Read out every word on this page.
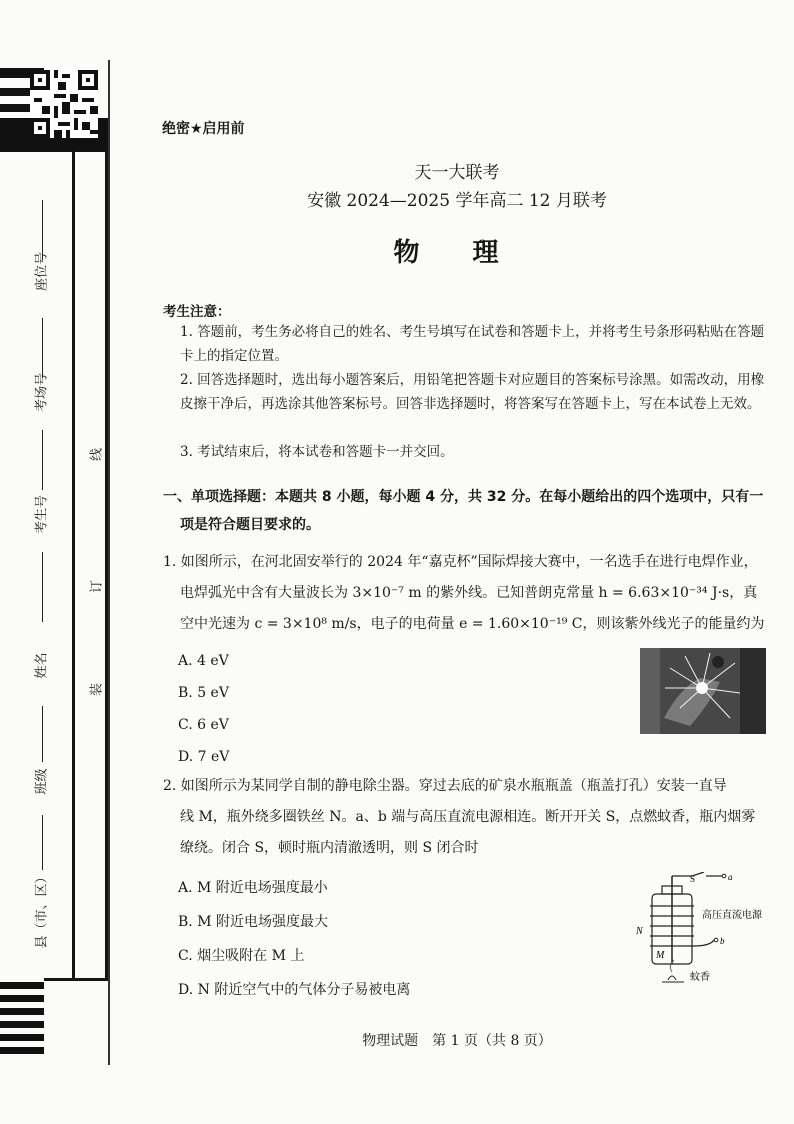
座位号
考场号
考生号
姓名
班级
县（市、区）
线
订
装
绝密★启用前
天一大联考
安徽 2024—2025 学年高二 12 月联考
物 理
考生注意：
1. 答题前，考生务必将自己的姓名、考生号填写在试卷和答题卡上，并将考生号条形码粘贴在答题卡上的指定位置。
2. 回答选择题时，选出每小题答案后，用铅笔把答题卡对应题目的答案标号涂黑。如需改动，用橡皮擦干净后，再选涂其他答案标号。回答非选择题时，将答案写在答题卡上，写在本试卷上无效。
3. 考试结束后，将本试卷和答题卡一并交回。
一、单项选择题：本题共 8 小题，每小题 4 分，共 32 分。在每小题给出的四个选项中，只有一
项是符合题目要求的。
1. 如图所示，在河北固安举行的 2024 年“嘉克杯”国际焊接大赛中，一名选手在进行电焊作业，
电焊弧光中含有大量波长为 3×10⁻⁷ m 的紫外线。已知普朗克常量 h = 6.63×10⁻³⁴ J·s，真
空中光速为 c = 3×10⁸ m/s，电子的电荷量 e = 1.60×10⁻¹⁹ C，则该紫外线光子的能量约为
A. 4 eV
B. 5 eV
C. 6 eV
D. 7 eV
2. 如图所示为某同学自制的静电除尘器。穿过去底的矿泉水瓶瓶盖（瓶盖打孔）安装一直导
线 M，瓶外绕多圈铁丝 N。a、b 端与高压直流电源相连。断开开关 S，点燃蚊香，瓶内烟雾
缭绕。闭合 S，顿时瓶内清澈透明，则 S 闭合时
A. M 附近电场强度最小
B. M 附近电场强度最大
C. 烟尘吸附在 M 上
D. N 附近空气中的气体分子易被电离
S	a
b
高压直流电源
N
M
蚊香
物理试题　第 1 页（共 8 页）
